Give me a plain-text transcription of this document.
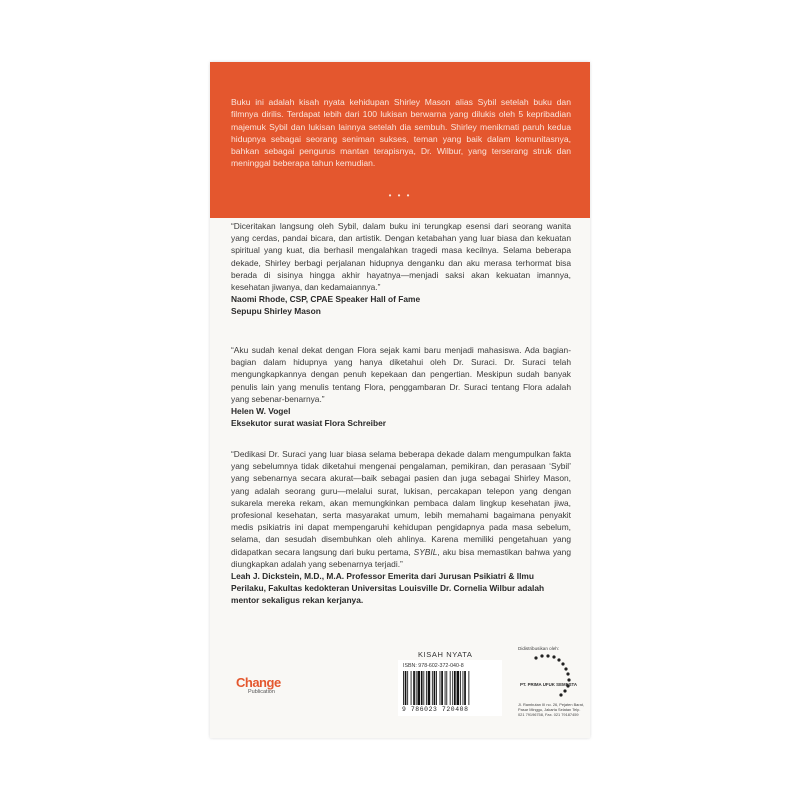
Buku ini adalah kisah nyata kehidupan Shirley Mason alias Sybil setelah buku dan filmnya dirilis. Terdapat lebih dari 100 lukisan berwarna yang dilukis oleh 5 kepribadian majemuk Sybil dan lukisan lainnya setelah dia sembuh. Shirley menikmati paruh kedua hidupnya sebagai seorang seniman sukses, teman yang baik dalam komunitasnya, bahkan sebagai pengurus mantan terapisnya, Dr. Wilbur, yang terserang struk dan meninggal beberapa tahun kemudian.

• • •

“Diceritakan langsung oleh Sybil, dalam buku ini terungkap esensi dari seorang wanita yang cerdas, pandai bicara, dan artistik. Dengan ketabahan yang luar biasa dan kekuatan spiritual yang kuat, dia berhasil mengalahkan tragedi masa kecilnya. Selama beberapa dekade, Shirley berbagi perjalanan hidupnya denganku dan aku merasa terhormat bisa berada di sisinya hingga akhir hayatnya—menjadi saksi akan kekuatan imannya, kesehatan jiwanya, dan kedamaiannya.”
Naomi Rhode, CSP, CPAE Speaker Hall of Fame
Sepupu Shirley Mason

“Aku sudah kenal dekat dengan Flora sejak kami baru menjadi mahasiswa. Ada bagian-bagian dalam hidupnya yang hanya diketahui oleh Dr. Suraci. Dr. Suraci telah mengungkapkannya dengan penuh kepekaan dan pengertian. Meskipun sudah banyak penulis lain yang menulis tentang Flora, penggambaran Dr. Suraci tentang Flora adalah yang sebenar-benarnya.”
Helen W. Vogel
Eksekutor surat wasiat Flora Schreiber

“Dedikasi Dr. Suraci yang luar biasa selama beberapa dekade dalam mengumpulkan fakta yang sebelumnya tidak diketahui mengenai pengalaman, pemikiran, dan perasaan ‘Sybil’ yang sebenarnya secara akurat—baik sebagai pasien dan juga sebagai Shirley Mason, yang adalah seorang guru—melalui surat, lukisan, percakapan telepon yang dengan sukarela mereka rekam, akan memungkinkan pembaca dalam lingkup kesehatan jiwa, profesional kesehatan, serta masyarakat umum, lebih memahami bagaimana penyakit medis psikiatris ini dapat mempengaruhi kehidupan pengidapnya pada masa sebelum, selama, dan sesudah disembuhkan oleh ahlinya. Karena memiliki pengetahuan yang didapatkan secara langsung dari buku pertama, SYBIL, aku bisa memastikan bahwa yang diungkapkan adalah yang sebenarnya terjadi.”
Leah J. Dickstein, M.D., M.A. Professor Emerita dari Jurusan Psikiatri & Ilmu Perilaku, Fakultas kedokteran Universitas Louisville Dr. Cornelia Wilbur adalah mentor sekaligus rekan kerjanya.

Change
Publication
KISAH NYATA
ISBN: 978-602-372-040-8
9 786023 720408
Didistribusikan oleh:
PT. PRIMA UFUK SEMESTA
Jl. Rambutan III no. 26, Pejaten Barat, Pasar Minggu, Jakarta Selatan Telp. 021 79196758, Fax. 021 79187459
